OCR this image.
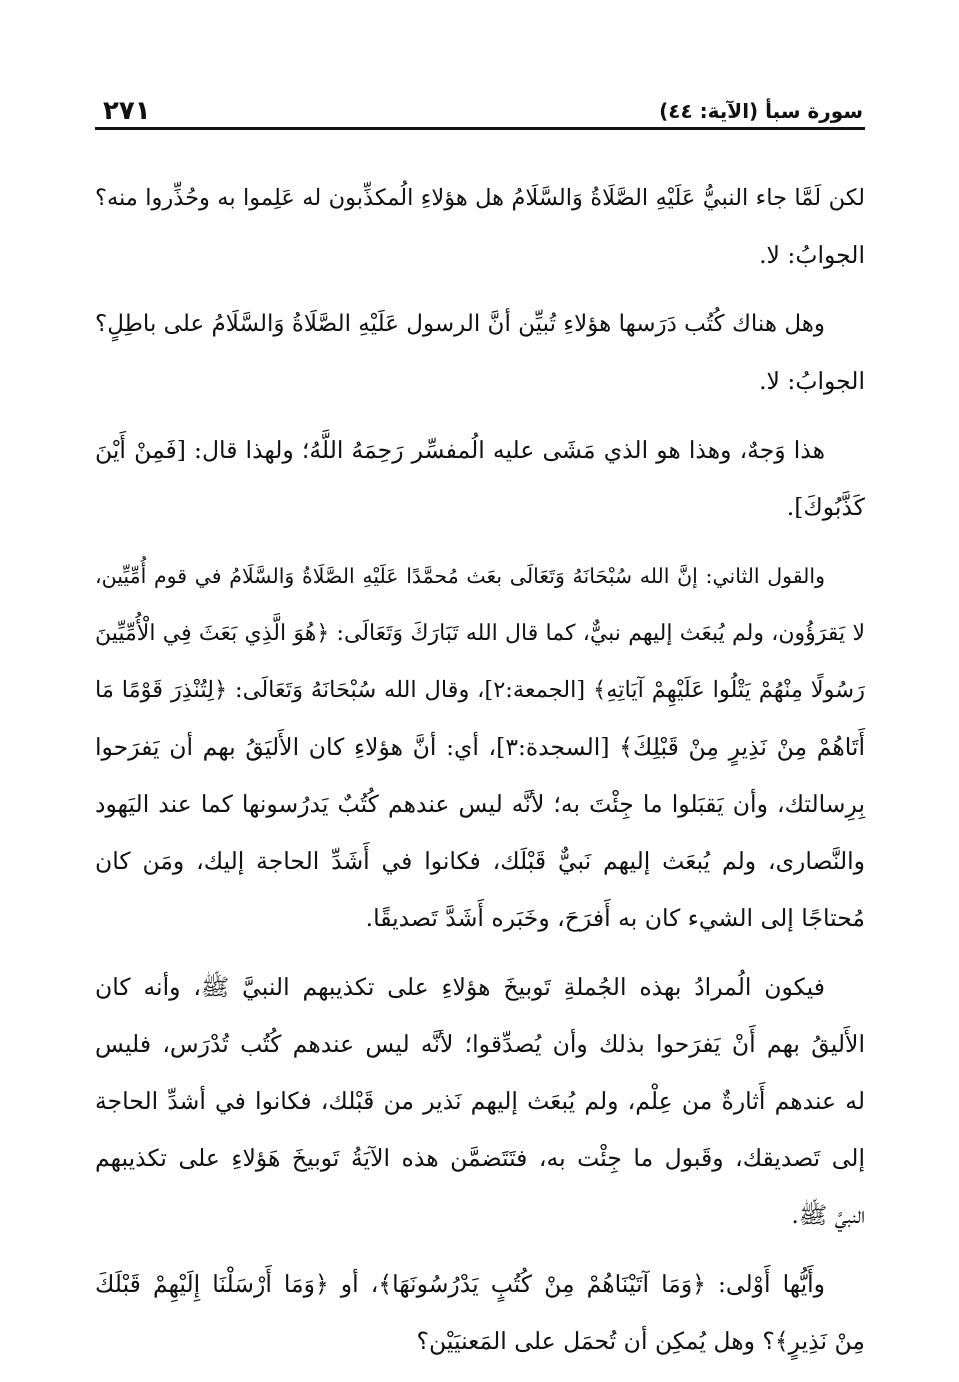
٢٧١	سورة سبأ (الآية: ٤٤)
لكن لَمَّا جاء النبيُّ عَلَيْهِ الصَّلَاةُ وَالسَّلَامُ هل هؤلاءِ الُمكذِّبون له عَلِموا به وحُذِّروا منه؟
الجوابُ: لا.
وهل هناك كُتُب دَرَسها هؤلاءِ تُبيِّن أنَّ الرسول عَلَيْهِ الصَّلَاةُ وَالسَّلَامُ على باطِلٍ؟
الجوابُ: لا.
هذا وَجهٌ، وهذا هو الذي مَشَى عليه الُمفسِّر رَحِمَهُ اللَّهُ؛ ولهذا قال: [فَمِنْ أَيْنَ
كَذَّبُوكَ].
والقول الثاني: إنَّ الله سُبْحَانَهُ وَتَعَالَى بعَث مُحمَّدًا عَلَيْهِ الصَّلَاةُ وَالسَّلَامُ في قوم أُمِّيِّين،
لا يَقرَؤُون، ولم يُبعَث إليهم نبيٌّ، كما قال الله تَبَارَكَ وَتَعَالَى: ﴿هُوَ الَّذِي بَعَثَ فِي الْأُمِّيِّينَ
رَسُولًا مِنْهُمْ يَتْلُوا عَلَيْهِمْ آيَاتِهِ﴾ [الجمعة:٢]، وقال الله سُبْحَانَهُ وَتَعَالَى: ﴿لِتُنْذِرَ قَوْمًا مَا
أَتَاهُمْ مِنْ نَذِيرٍ مِنْ قَبْلِكَ﴾ [السجدة:٣]، أي: أنَّ هؤلاءِ كان الأَليَقُ بهم أن يَفرَحوا
بِرِسالتك، وأن يَقبَلوا ما جِئْتَ به؛ لأنَّه ليس عندهم كُتُبٌ يَدرُسونها كما عند اليَهود
والنَّصارى، ولم يُبعَث إليهم نَبيٌّ قَبْلَك، فكانوا في أَشَدِّ الحاجة إليك، ومَن كان
مُحتاجًا إلى الشيء كان به أَفرَحَ، وخَبَره أَشَدَّ تَصديقًا.
فيكون الُمرادُ بهذه الجُملةِ تَوبيخَ هؤلاءِ على تكذيبهم النبيَّ ﷺ، وأنه كان
الأَليقُ بهم أَنْ يَفرَحوا بذلك وأن يُصدِّقوا؛ لأنَّه ليس عندهم كُتُب تُدْرَس، فليس
له عندهم أَثارةٌ من عِلْم، ولم يُبعَث إليهم نَذير من قَبْلك، فكانوا في أشدِّ الحاجة
إلى تَصديقك، وقَبول ما جِئْت به، فتَتَضمَّن هذه الآيَةُ تَوبيخَ هَؤلاءِ على تكذيبهم
النبيَّ ﷺ.
وأَيُّها أَوْلى: ﴿وَمَا آتَيْنَاهُمْ مِنْ كُتُبٍ يَدْرُسُونَهَا﴾، أو ﴿وَمَا أَرْسَلْنَا إِلَيْهِمْ قَبْلَكَ
مِنْ نَذِيرٍ﴾؟ وهل يُمكِن أن تُحمَل على المَعنيَيْن؟
